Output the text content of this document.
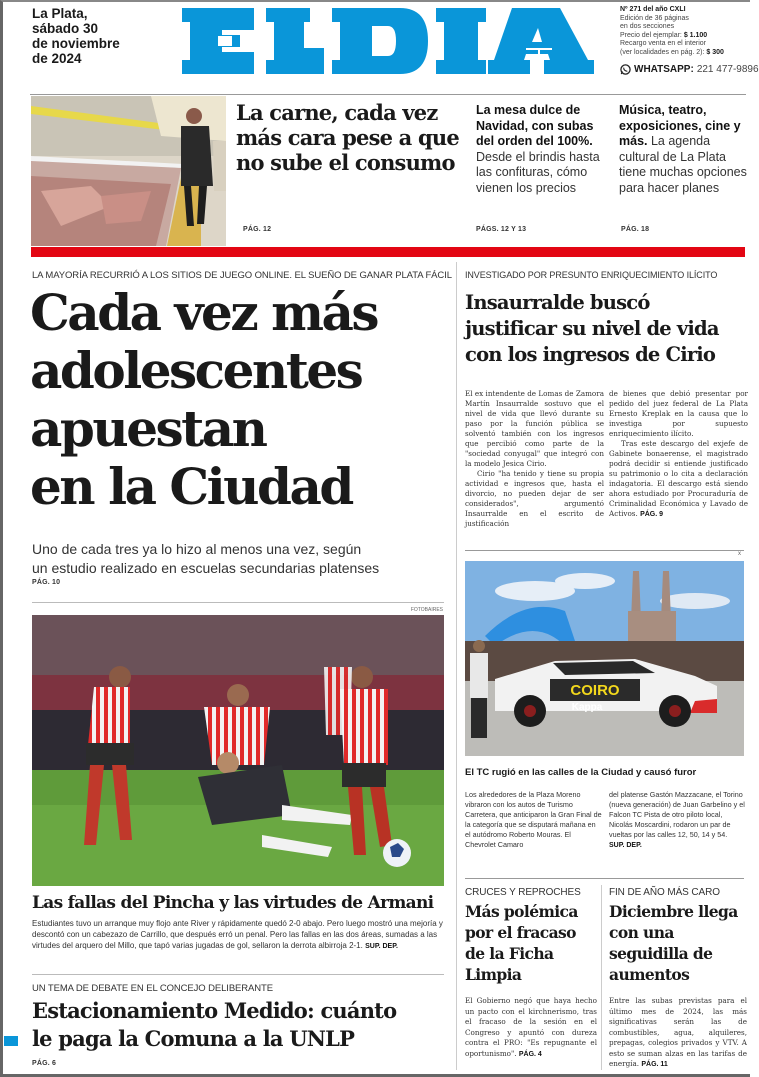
La Plata,
sábado 30
de noviembre
de 2024
Nº 271 del año CXLI
Edición de 36 páginas
en dos secciones
Precio del ejemplar: $ 1.100
Recargo venta en el interior
(ver localidades en pág. 2): $ 300
WHATSAPP: 221 477-9896
La carne, cada vez más cara pese a que no sube el consumo
PÁG. 12
La mesa dulce de Navidad, con subas del orden del 100%. Desde el brindis hasta las confituras, cómo vienen los precios
PÁGS. 12 Y 13
Música, teatro, exposiciones, cine y más. La agenda cultural de La Plata tiene muchas opciones para hacer planes
PÁG. 18
LA MAYORÍA RECURRIÓ A LOS SITIOS DE JUEGO ONLINE. EL SUEÑO DE GANAR PLATA FÁCIL
Cada vez más
adolescentes
apuestan
en la Ciudad
Uno de cada tres ya lo hizo al menos una vez, según
un estudio realizado en escuelas secundarias platenses
PÁG. 10
FOTOBAIRES
Las fallas del Pincha y las virtudes de Armani
Estudiantes tuvo un arranque muy flojo ante River y rápidamente quedó 2-0 abajo. Pero luego mostró una mejoría y descontó con un cabezazo de Carrillo, que después erró un penal. Pero las fallas en las dos áreas, sumadas a las virtudes del arquero del Millo, que tapó varias jugadas de gol, sellaron la derrota albirroja 2-1. SUP. DEP.
UN TEMA DE DEBATE EN EL CONCEJO DELIBERANTE
Estacionamiento Medido: cuánto
le paga la Comuna a la UNLP
PÁG. 6
INVESTIGADO POR PRESUNTO ENRIQUECIMIENTO ILÍCITO
Insaurralde buscó
justificar su nivel de vida
con los ingresos de Cirio

El ex intendente de Lomas de Zamora Martín Insaurralde sostuvo que el nivel de vida que llevó durante su paso por la función pública se solventó también con los ingresos que percibió como parte de la "sociedad conyugal" que integró con la modelo Jesica Cirio.

Cirio "ha tenido y tiene su propia actividad e ingresos que, hasta el divorcio, no pueden dejar de ser considerados", argumentó Insaurralde en el escrito de justificación

de bienes que debió presentar por pedido del juez federal de La Plata Ernesto Kreplak en la causa que lo investiga por supuesto enriquecimiento ilícito.

Tras este descargo del exjefe de Gabinete bonaerense, el magistrado podrá decidir si entiende justificado su patrimonio o lo cita a declaración indagatoria. El descargo está siendo ahora estudiado por Procuraduría de Criminalidad Económica y Lavado de Activos. PÁG. 9

x
COIRO
Kappa
El TC rugió en las calles de la Ciudad y causó furor
Los alrededores de la Plaza Moreno vibraron con los autos de Turismo Carretera, que anticiparon la Gran Final de la categoría que se disputará mañana en el autódromo Roberto Mouras. El Chevrolet Camaro
del platense Gastón Mazzacane, el Torino (nueva generación) de Juan Garbelino y el Falcon TC Pista de otro piloto local, Nicolás Moscardini, rodaron un par de vueltas por las calles 12, 50, 14 y 54. SUP. DEP.
CRUCES Y REPROCHES
Más polémica por el fracaso de la Ficha Limpia
El Gobierno negó que haya hecho un pacto con el kirchnerismo, tras el fracaso de la sesión en el Congreso y apuntó con dureza contra el PRO: "Es repugnante el oportunismo". PÁG. 4
FIN DE AÑO MÁS CARO
Diciembre llega con una seguidilla de aumentos
Entre las subas previstas para el último mes de 2024, las más significativas serán las de combustibles, agua, alquileres, prepagas, colegios privados y VTV. A esto se suman alzas en las tarifas de energía. PÁG. 11
